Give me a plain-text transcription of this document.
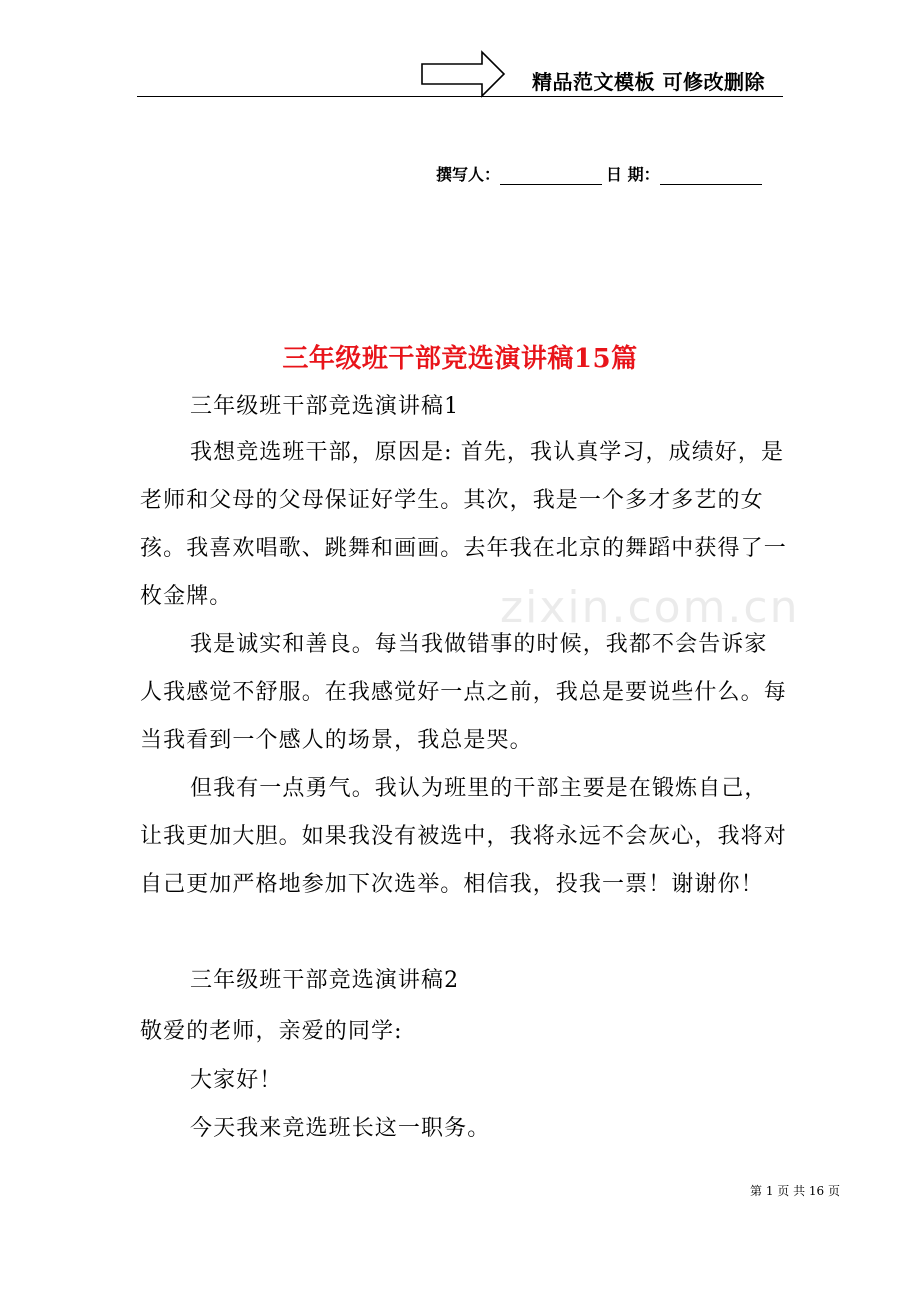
精品范文模板 可修改删除
撰写人：	日 期：
三年级班干部竞选演讲稿15篇
zixin.com.cn
三年级班干部竞选演讲稿1
我想竞选班干部，原因是: 首先，我认真学习，成绩好，是老师和父母的父母保证好学生。其次，我是一个多才多艺的女孩。我喜欢唱歌、跳舞和画画。去年我在北京的舞蹈中获得了一枚金牌。
我是诚实和善良。每当我做错事的时候，我都不会告诉家人我感觉不舒服。在我感觉好一点之前，我总是要说些什么。每当我看到一个感人的场景，我总是哭。
但我有一点勇气。我认为班里的干部主要是在锻炼自己，让我更加大胆。如果我没有被选中，我将永远不会灰心，我将对自己更加严格地参加下次选举。相信我，投我一票！谢谢你！
三年级班干部竞选演讲稿2
敬爱的老师，亲爱的同学:
大家好！
今天我来竞选班长这一职务。
第 1 页 共 16 页
